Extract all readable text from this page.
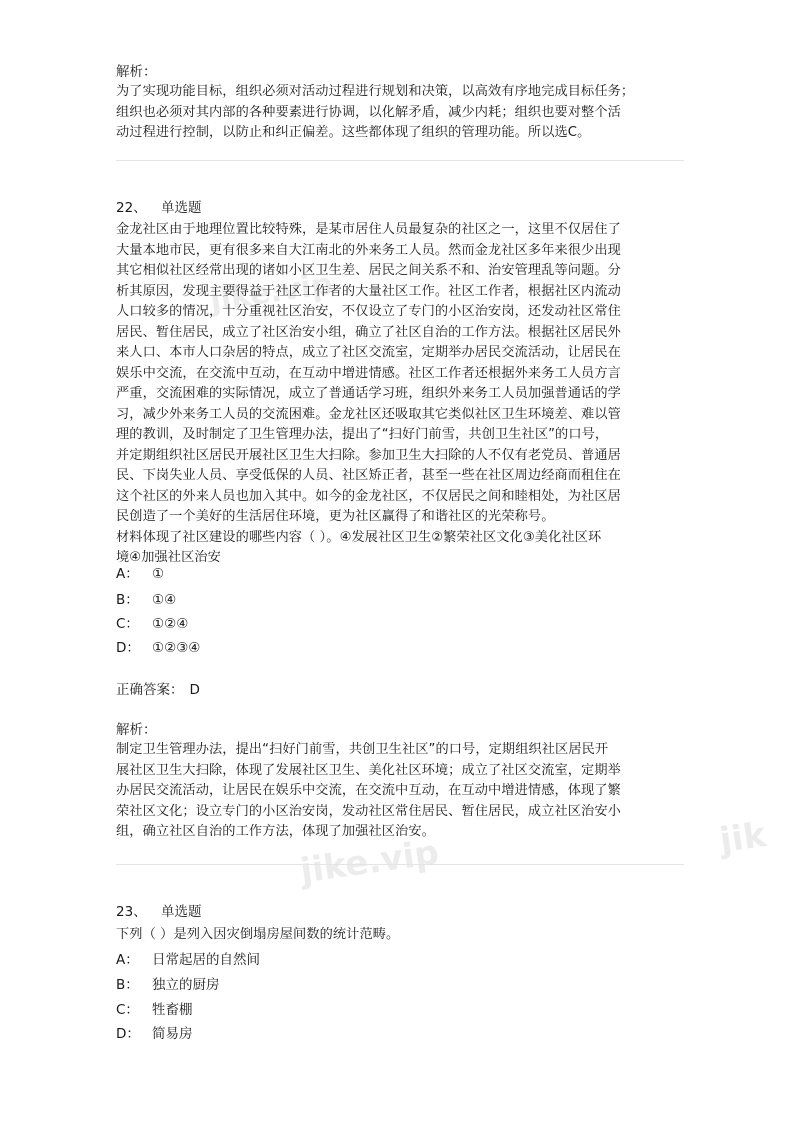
jike.vip	jik
jike.vip
解析：
为了实现功能目标，组织必须对活动过程进行规划和决策，以高效有序地完成目标任务；
组织也必须对其内部的各种要素进行协调，以化解矛盾，减少内耗；组织也要对整个活
动过程进行控制，以防止和纠正偏差。这些都体现了组织的管理功能。所以选C。
22、 单选题
金龙社区由于地理位置比较特殊，是某市居住人员最复杂的社区之一，这里不仅居住了
大量本地市民，更有很多来自大江南北的外来务工人员。然而金龙社区多年来很少出现
其它相似社区经常出现的诸如小区卫生差、居民之间关系不和、治安管理乱等问题。分
析其原因，发现主要得益于社区工作者的大量社区工作。社区工作者，根据社区内流动
人口较多的情况，十分重视社区治安，不仅设立了专门的小区治安岗，还发动社区常住
居民、暂住居民，成立了社区治安小组，确立了社区自治的工作方法。根据社区居民外
来人口、本市人口杂居的特点，成立了社区交流室，定期举办居民交流活动，让居民在
娱乐中交流，在交流中互动，在互动中增进情感。社区工作者还根据外来务工人员方言
严重，交流困难的实际情况，成立了普通话学习班，组织外来务工人员加强普通话的学
习，减少外来务工人员的交流困难。金龙社区还吸取其它类似社区卫生环境差、难以管
理的教训，及时制定了卫生管理办法，提出了“扫好门前雪，共创卫生社区”的口号，
并定期组织社区居民开展社区卫生大扫除。参加卫生大扫除的人不仅有老党员、普通居
民、下岗失业人员、享受低保的人员、社区矫正者，甚至一些在社区周边经商而租住在
这个社区的外来人员也加入其中。如今的金龙社区，不仅居民之间和睦相处，为社区居
民创造了一个美好的生活居住环境，更为社区赢得了和谐社区的光荣称号。
材料体现了社区建设的哪些内容（ ）。④发展社区卫生②繁荣社区文化③美化社区环
境④加强社区治安
A： ①
B： ①④
C： ①②④
D： ①②③④
正确答案： D
解析：
制定卫生管理办法，提出“扫好门前雪，共创卫生社区”的口号，定期组织社区居民开
展社区卫生大扫除，体现了发展社区卫生、美化社区环境；成立了社区交流室，定期举
办居民交流活动，让居民在娱乐中交流，在交流中互动，在互动中增进情感，体现了繁
荣社区文化；设立专门的小区治安岗，发动社区常住居民、暂住居民，成立社区治安小
组，确立社区自治的工作方法，体现了加强社区治安。
23、 单选题
下列（ ）是列入因灾倒塌房屋间数的统计范畴。
A： 日常起居的自然间
B： 独立的厨房
C： 牲畜棚
D： 简易房
